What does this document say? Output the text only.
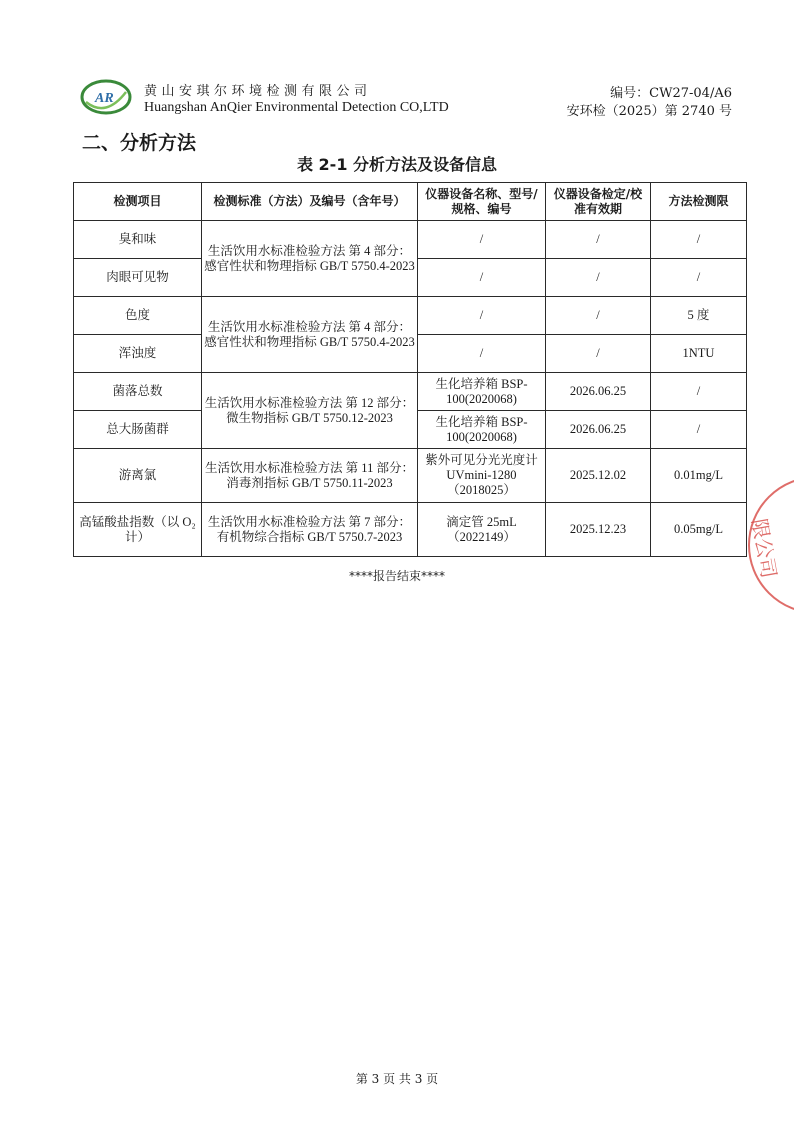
AR 黄山安琪尔环境检测有限公司
Huangshan AnQier Environmental Detection CO,LTD
编号：CW27-04/A6
安环检（2025）第 2740 号
二、分析方法
表 2-1 分析方法及设备信息
检测项目	检测标准（方法）及编号（含年号）	仪器设备名称、型号/规格、编号	仪器设备检定/校准有效期	方法检测限
臭和味	生活饮用水标准检验方法 第 4 部分：感官性状和物理指标 GB/T 5750.4-2023	/	/	/
肉眼可见物		/	/	/
色度	生活饮用水标准检验方法 第 4 部分：感官性状和物理指标 GB/T 5750.4-2023	/	/	5 度
浑浊度		/	/	1NTU
菌落总数	生活饮用水标准检验方法 第 12 部分：微生物指标 GB/T 5750.12-2023	生化培养箱 BSP-100(2020068)	2026.06.25	/
总大肠菌群		生化培养箱 BSP-100(2020068)	2026.06.25	/
游离氯	生活饮用水标准检验方法 第 11 部分：消毒剂指标 GB/T 5750.11-2023	紫外可见分光光度计 UVmini-1280（2018025）	2025.12.02	0.01mg/L
高锰酸盐指数（以 O₂计）	生活饮用水标准检验方法 第 7 部分：有机物综合指标 GB/T 5750.7-2023	滴定管 25mL（2022149）	2025.12.23	0.05mg/L
****报告结束****	限公司
第 3 页 共 3 页
